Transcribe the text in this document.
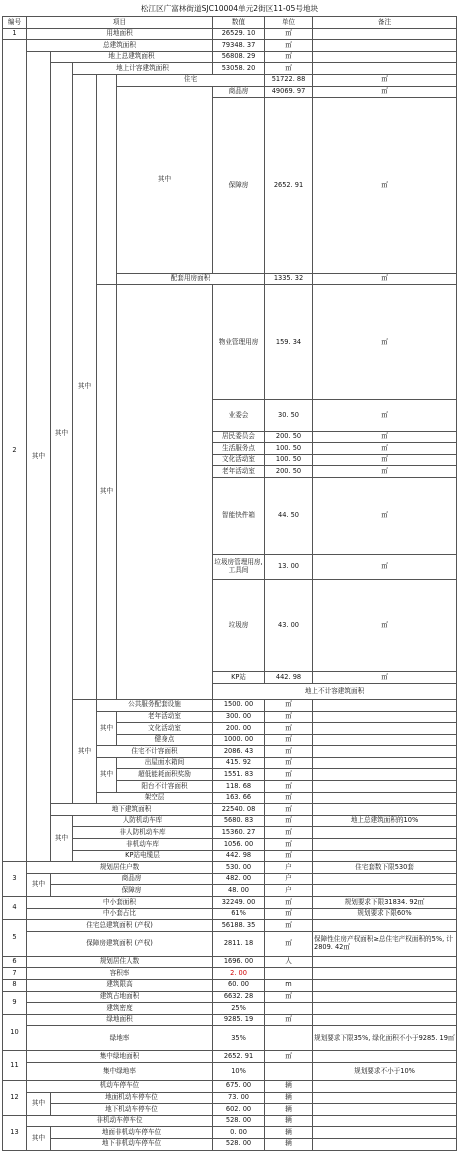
松江区广富林街道SJC10004单元2街区11-05号地块
编号	项目					数值	单位	备注	
1	用地面积					26529. 10	㎡		
2	总建筑面积					79348. 37	㎡		
	其中	地上总建筑面积				56808. 29	㎡		
		其中	地上计容建筑面积			53058. 20	㎡		
			其中		住宅		51722. 88	㎡	
					其中	商品房	49069. 97	㎡	
						保障房	2652. 91	㎡	
					配套用房面积		1335. 32	㎡	
				其中		物业管理用房	159. 34	㎡	
						业委会	30. 50	㎡	
						居民委员会	200. 50	㎡	
						生活服务点	100. 50	㎡	
						文化活动室	100. 50	㎡	
						老年活动室	200. 50	㎡	
						智能快件箱	44. 50	㎡	
						垃圾房管理用房, 工具间	13. 00	㎡	
						垃圾房	43. 00	㎡	
						KP站	442. 98	㎡	
						地上不计容建筑面积			
			其中	公共服务配套设施		1500. 00	㎡		
				其中	老年活动室	300. 00	㎡		
					文化活动室	200. 00	㎡		
					健身点	1000. 00	㎡		
				住宅不计容面积		2086. 43	㎡		
				其中	出屋面水箱间	415. 92	㎡		
					超低能耗面积奖励	1551. 83	㎡		
					阳台不计容面积	118. 68	㎡		
				架空层		163. 66	㎡		
		地下建筑面积				22540. 08	㎡		
		其中	人防机动车库			5680. 83	㎡	地上总建筑面积的10%	
			非人防机动车库			15360. 27	㎡		
			非机动车库			1056. 00	㎡		
			KP站电缆层			442. 98	㎡		
3	规划居住户数					530. 00	户	住宅套数下限530套	
	其中	商品房				482. 00	户		
		保障房				48. 00	户		
4	中小套面积					32249. 00	㎡	规划要求下限31834. 92㎡	
	中小套占比					61%	㎡	规划要求下限60%	
5	住宅总建筑面积 (产权)					56188. 35	㎡		
	保障房建筑面积 (产权)					2811. 18	㎡	保障性住房产权面积≥总住宅产权面积的5%, 计2809. 42㎡	
6	规划居住人数					1696. 00	人		
7	容积率					2. 00			
8	建筑限高					60. 00	m		
9	建筑占地面积					6632. 28	㎡		
	建筑密度					25%			
10	绿地面积					9285. 19	㎡		
	绿地率					35%		规划要求下限35%, 绿化面积不小于9285. 19㎡	
11	集中绿地面积					2652. 91	㎡		
	集中绿地率					10%		规划要求不小于10%	
12	机动车停车位					675. 00	辆		
	其中	地面机动车停车位				73. 00	辆		
		地下机动车停车位				602. 00	辆		
13	非机动车停车位					528. 00	辆		
	其中	地面非机动车停车位				0. 00	辆		
		地下非机动车停车位				528. 00	辆		
